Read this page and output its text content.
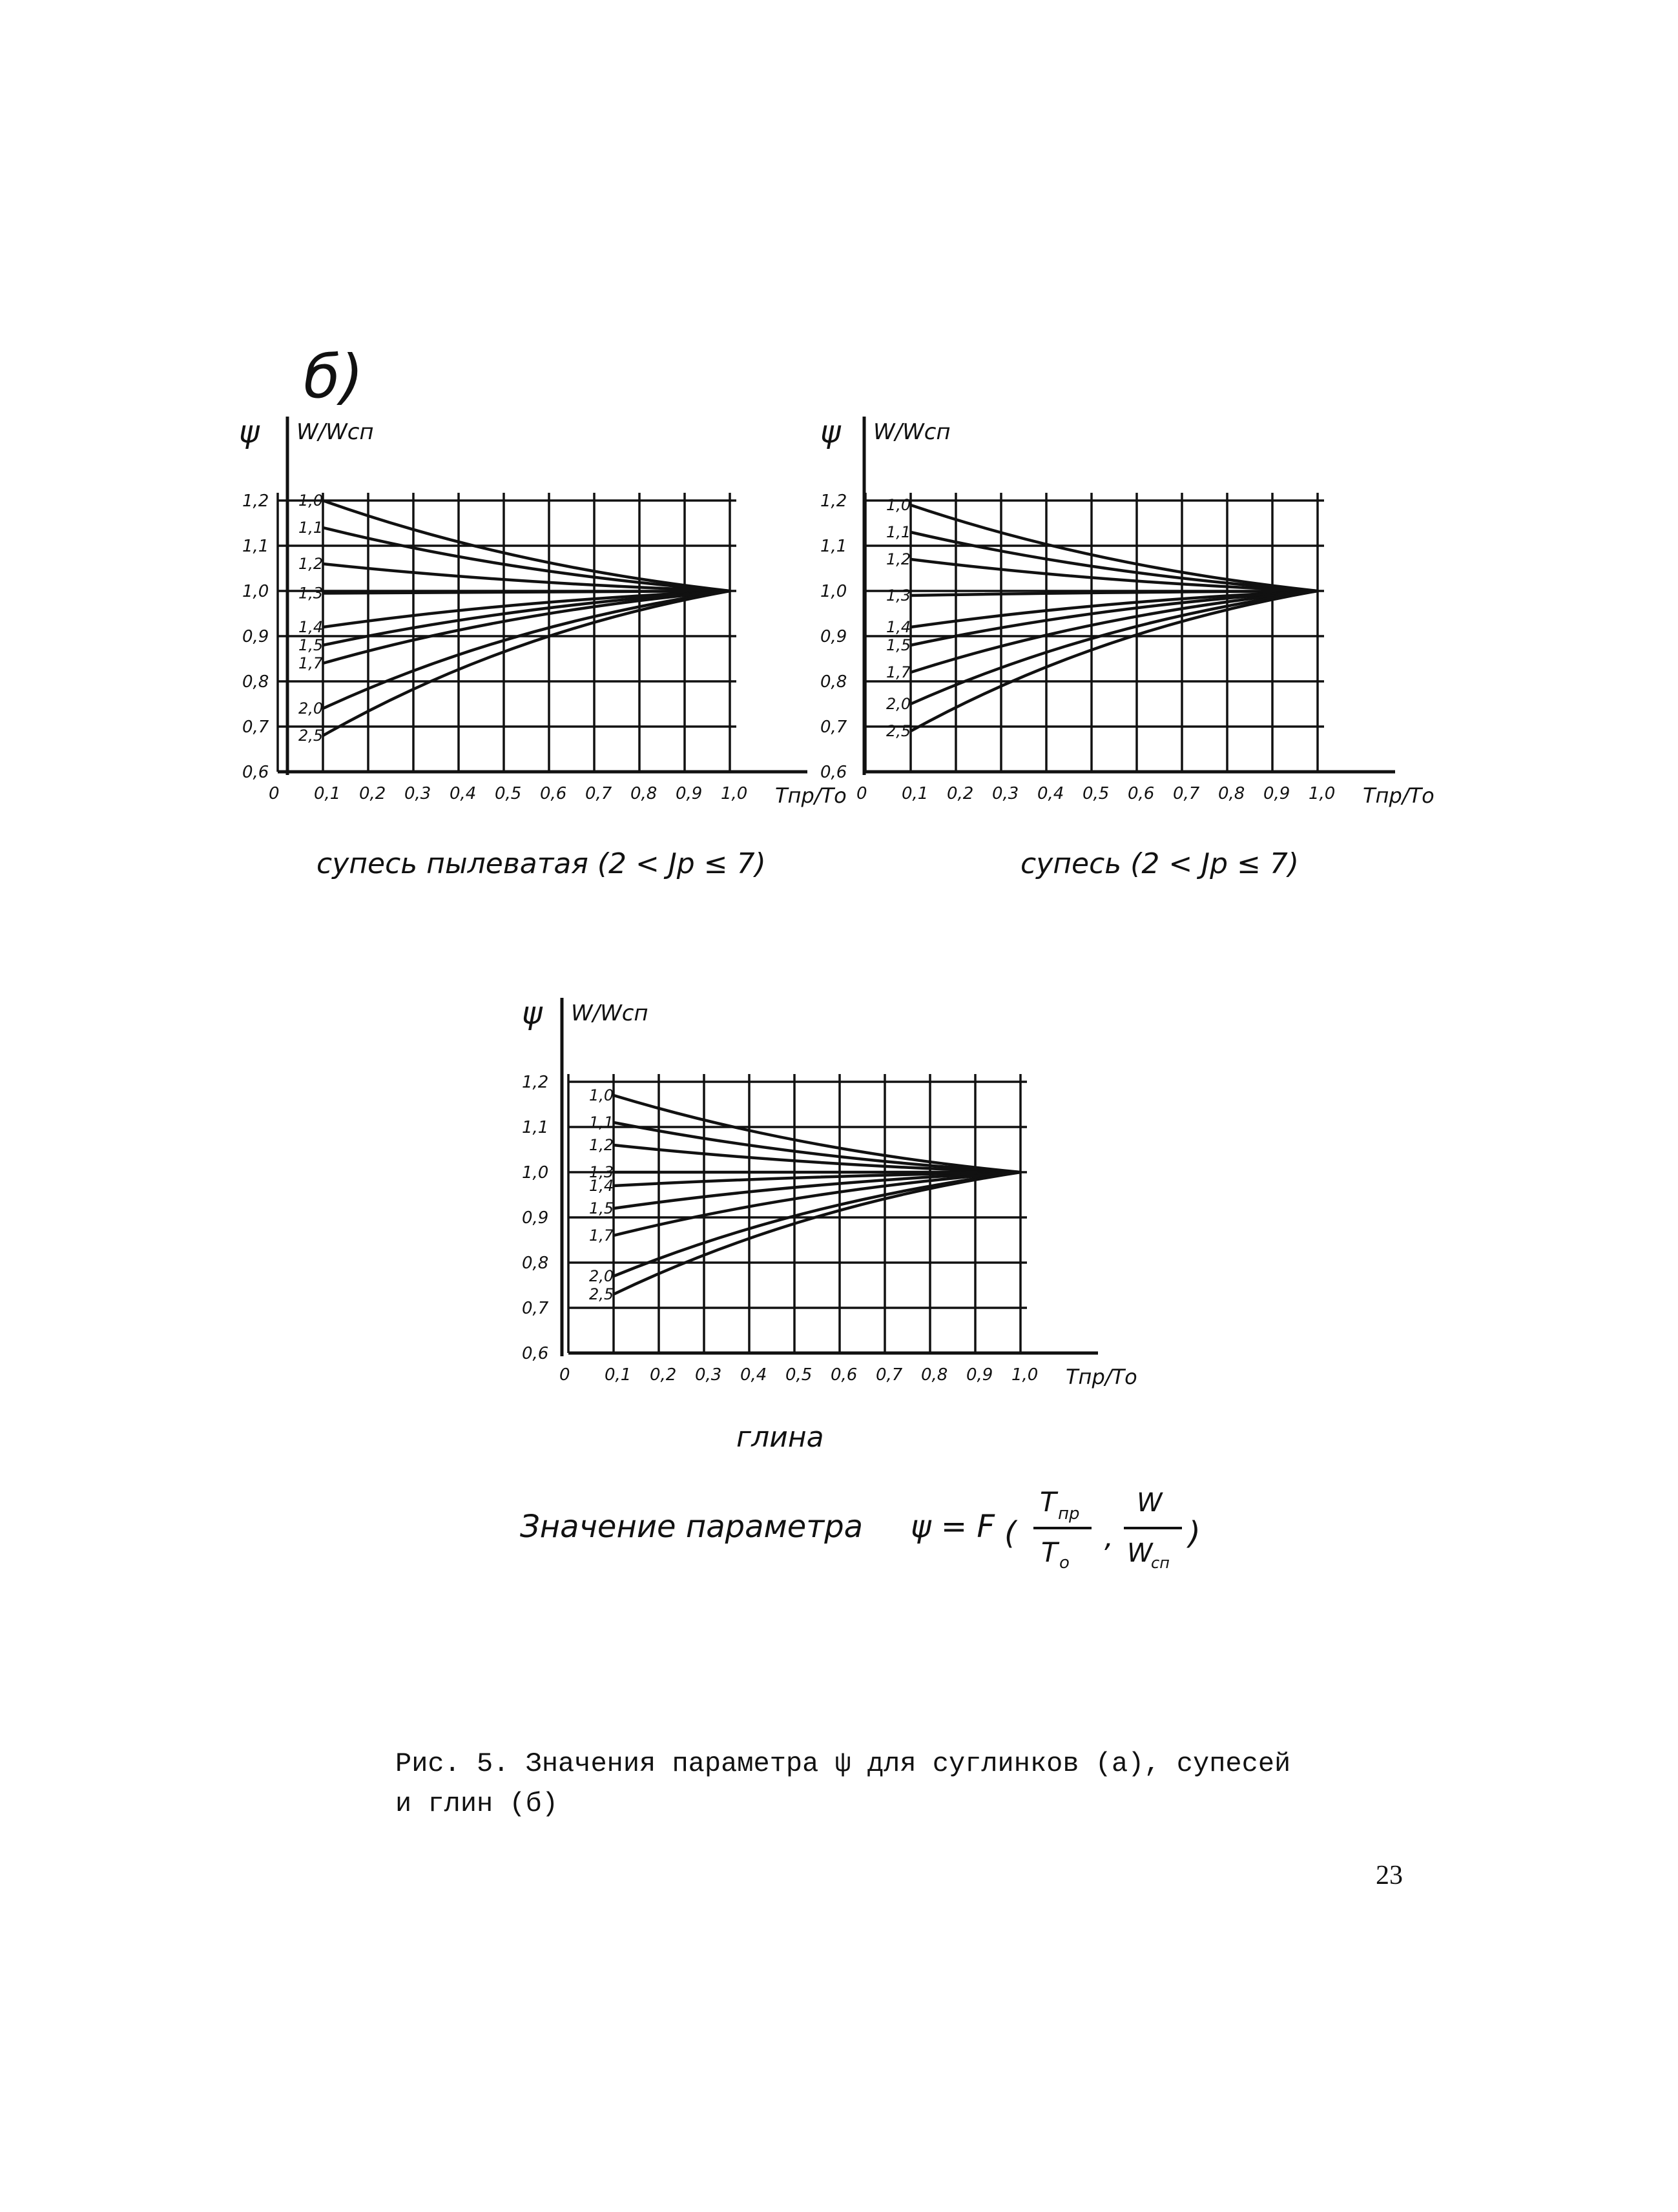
б)
ψ W/Wсп
0,6
0,7
0,8
0,9
1,0
1,1
1,2
0 0,1 0,2 0,3 0,4 0,5 0,6 0,7 0,8 0,9 1,0 Tпр/Tо
1,0
1,1
1,2
1,3
1,4
1,5
1,7
2,0
2,5
супесь пылеватая (2 < Jp ≤ 7)
ψ W/Wсп
0,6
0,7
0,8
0,9
1,0
1,1
1,2
0 0,1 0,2 0,3 0,4 0,5 0,6 0,7 0,8 0,9 1,0 Tпр/Tо
1,0
1,1
1,2
1,3
1,4
1,5
1,7
2,0
2,5
супесь (2 < Jp ≤ 7)
ψ W/Wсп
0,6
0,7
0,8
0,9
1,0
1,1
1,2
0 0,1 0,2 0,3 0,4 0,5 0,6 0,7 0,8 0,9 1,0 Tпр/Tо
1,0
1,1
1,2
1,3
1,4
1,5
1,7
2,0
2,5
глина
Значение параметра ψ = F (
T пр
T о
,
W
W
сп
)
Рис. 5. Значения параметра ψ для суглинков (а), супесей
и глин (б)
23
